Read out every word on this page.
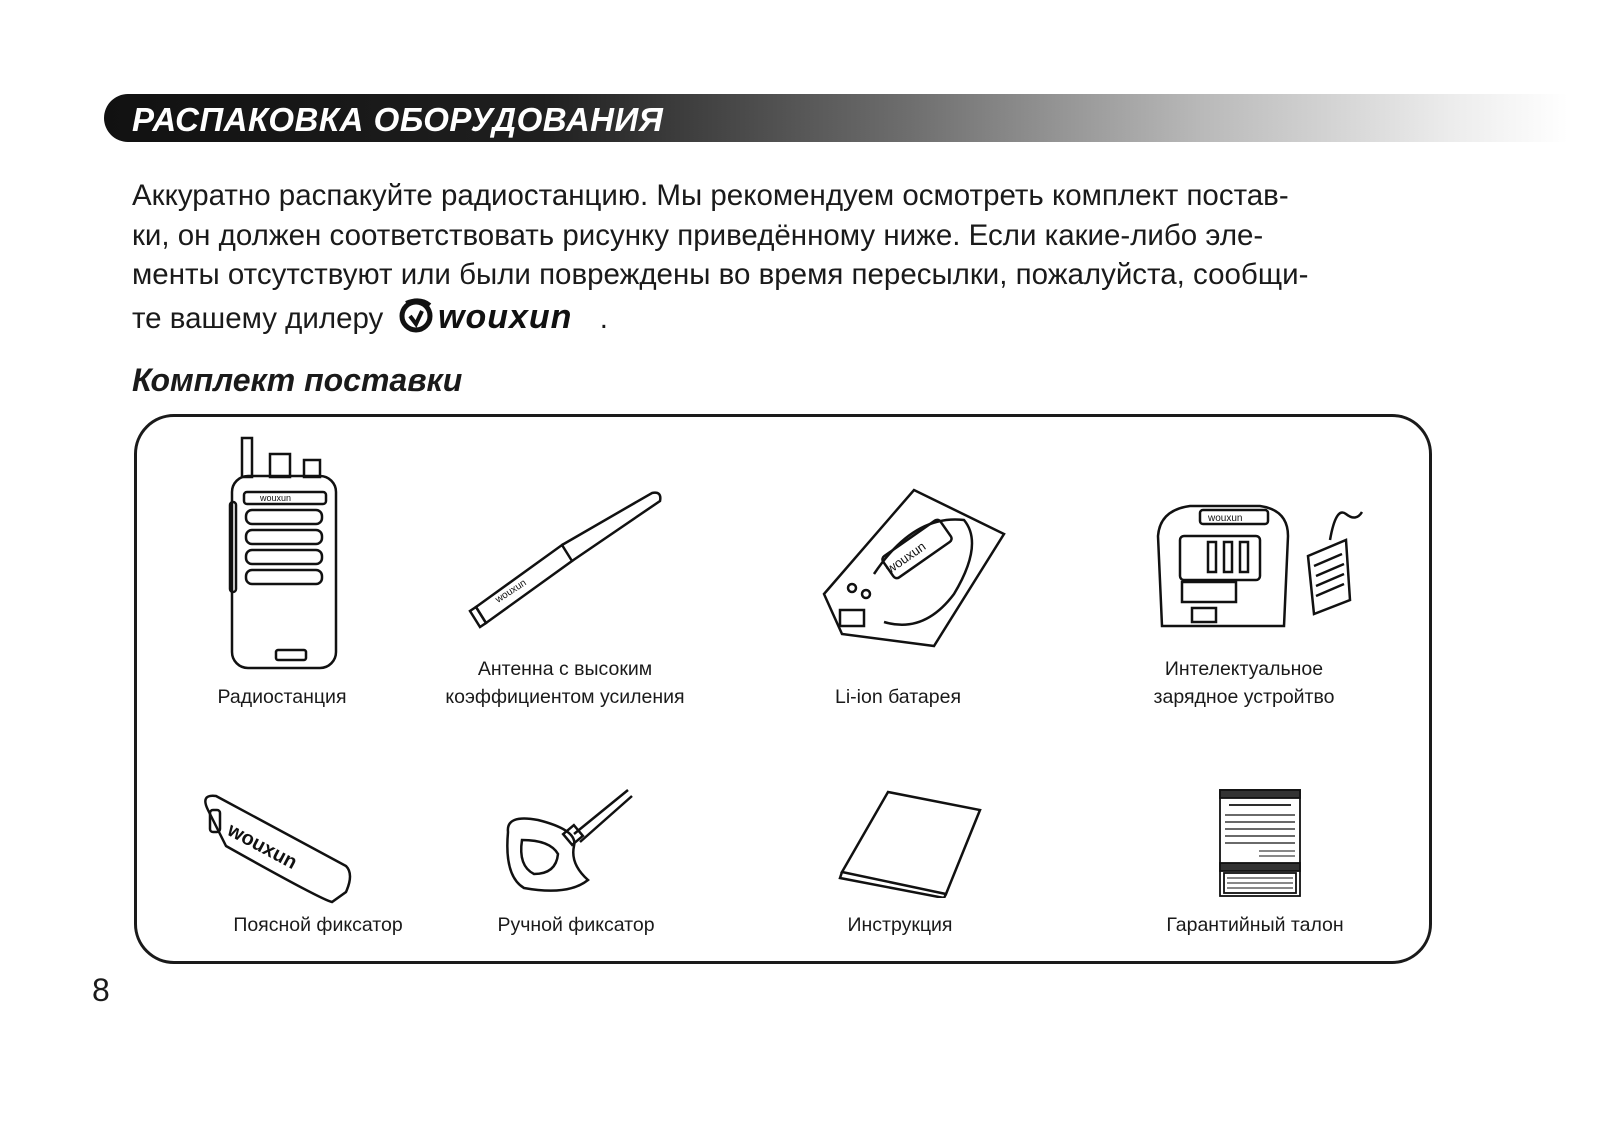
РАСПАКОВКА ОБОРУДОВАНИЯ
Аккуратно распакуйте радиостанцию. Мы рекомендуем осмотреть комплект постав-
ки, он должен соответствовать рисунку приведённому ниже. Если какие-либо эле-
менты отсутствуют или были повреждены во время пересылки, пожалуйста, сообщи-
те вашему дилеру wouxun .
Комплект поставки
wouxun
Радиостанция
wouxun
Антенна с высоким
коэффициентом усиления
wouxun
Li-ion батарея
wouxun
Интелектуальное
зарядное устройтво
wouxun
Поясной фиксатор	Ручной фиксатор	Инструкция	Гарантийный талон
8
